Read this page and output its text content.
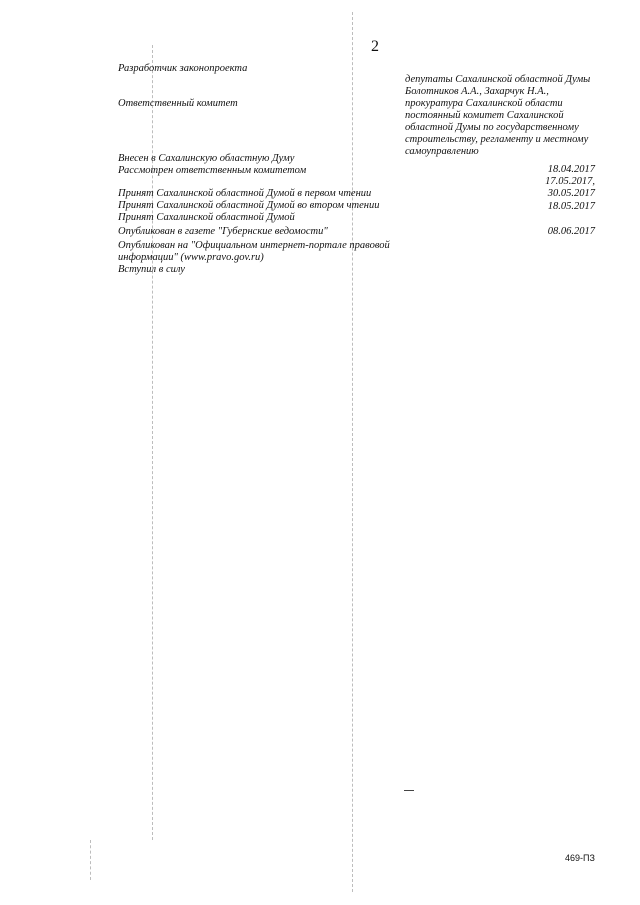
2
Разработчик законопроекта
Ответственный комитет
Внесен в Сахалинскую областную Думу
Рассмотрен ответственным комитетом
Принят Сахалинской областной Думой в первом чтении
Принят Сахалинской областной Думой во втором чтении
Принят Сахалинской областной Думой
Опубликован в газете "Губернские ведомости"
Опубликован на "Официальном интернет-портале правовой
информации" (www.pravo.gov.ru)
Вступил в силу

депутаты Сахалинской областной Думы

Болотников А.А., Захарчук Н.А.,

прокуратура Сахалинской области

постоянный комитет Сахалинской

областной Думы по государственному

строительству, регламенту и местному

самоуправлению

18.04.2017
17.05.2017,
30.05.2017
18.05.2017
08.06.2017
469-ПЗ
